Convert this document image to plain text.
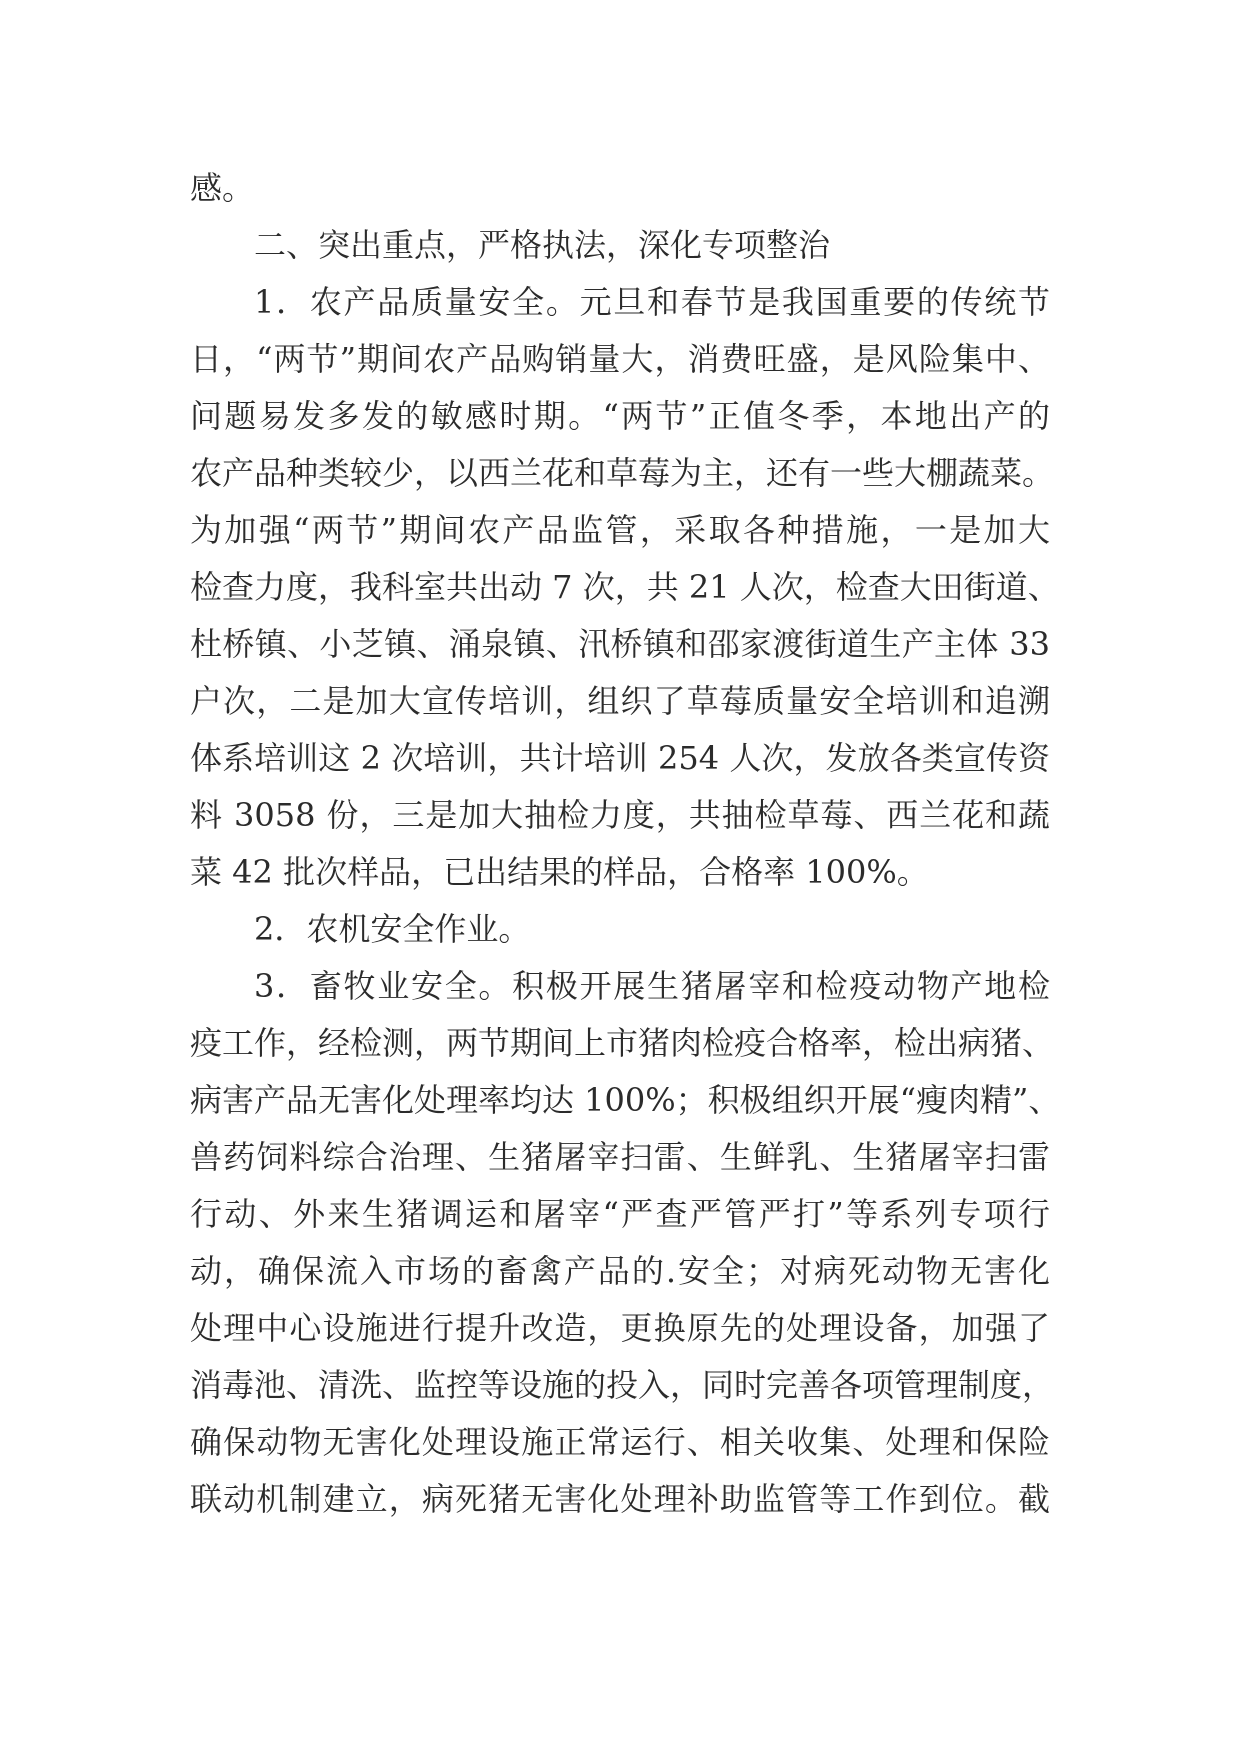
感。
二、突出重点，严格执法，深化专项整治
1．农产品质量安全。元旦和春节是我国重要的传统节
日，“两节”期间农产品购销量大，消费旺盛，是风险集中、
问题易发多发的敏感时期。“两节”正值冬季，本地出产的
农产品种类较少，以西兰花和草莓为主，还有一些大棚蔬菜。
为加强“两节”期间农产品监管，采取各种措施，一是加大
检查力度，我科室共出动 7 次，共 21 人次，检查大田街道、
杜桥镇、小芝镇、涌泉镇、汛桥镇和邵家渡街道生产主体 33
户次，二是加大宣传培训，组织了草莓质量安全培训和追溯
体系培训这 2 次培训，共计培训 254 人次，发放各类宣传资
料 3058 份，三是加大抽检力度，共抽检草莓、西兰花和蔬
菜 42 批次样品，已出结果的样品，合格率 100%。
2．农机安全作业。
3．畜牧业安全。积极开展生猪屠宰和检疫动物产地检
疫工作，经检测，两节期间上市猪肉检疫合格率，检出病猪、
病害产品无害化处理率均达 100%；积极组织开展“瘦肉精”、
兽药饲料综合治理、生猪屠宰扫雷、生鲜乳、生猪屠宰扫雷
行动、外来生猪调运和屠宰“严查严管严打”等系列专项行
动，确保流入市场的畜禽产品的.安全；对病死动物无害化
处理中心设施进行提升改造，更换原先的处理设备，加强了
消毒池、清洗、监控等设施的投入，同时完善各项管理制度，
确保动物无害化处理设施正常运行、相关收集、处理和保险
联动机制建立，病死猪无害化处理补助监管等工作到位。截
